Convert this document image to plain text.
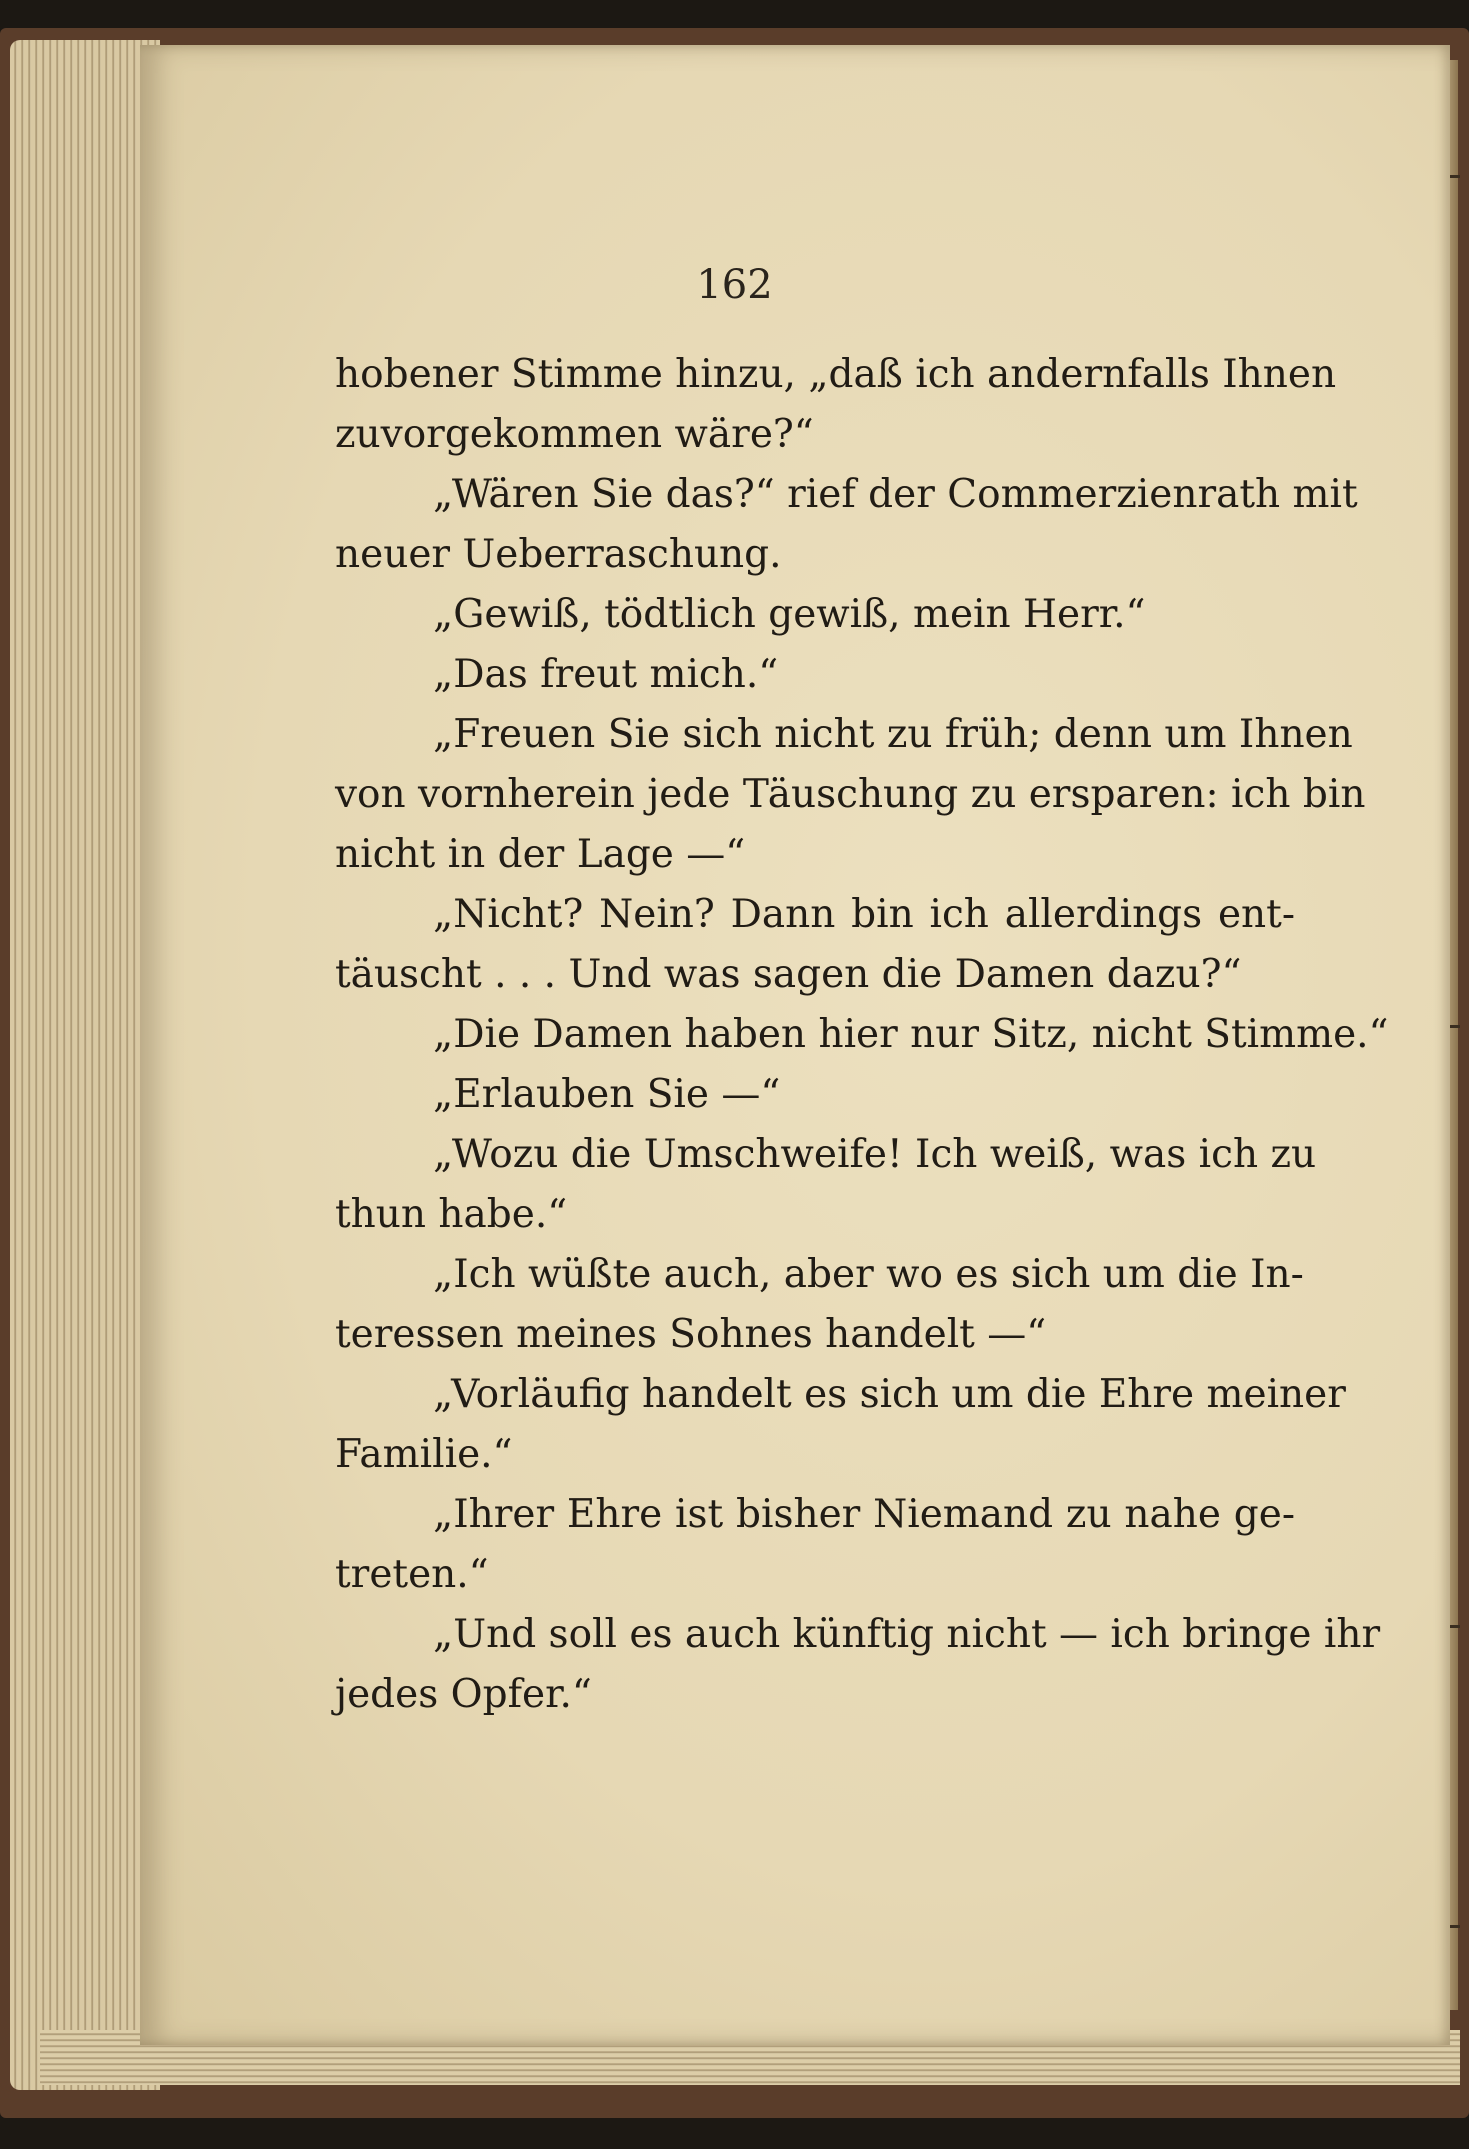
162
hobener Stimme hinzu, „daß ich andernfalls Ihnen
zuvorgekommen wäre?“
„Wären Sie das?“ rief der Commerzienrath mit
neuer Ueberraschung.
„Gewiß, tödtlich gewiß, mein Herr.“
„Das freut mich.“
„Freuen Sie sich nicht zu früh; denn um Ihnen
von vornherein jede Täuschung zu ersparen: ich bin
nicht in der Lage —“
„Nicht? Nein? Dann bin ich allerdings ent-
täuscht . . . Und was sagen die Damen dazu?“
„Die Damen haben hier nur Sitz, nicht Stimme.“
„Erlauben Sie —“
„Wozu die Umschweife! Ich weiß, was ich zu
thun habe.“
„Ich wüßte auch, aber wo es sich um die In-
teressen meines Sohnes handelt —“
„Vorläufig handelt es sich um die Ehre meiner
Familie.“
„Ihrer Ehre ist bisher Niemand zu nahe ge-
treten.“
„Und soll es auch künftig nicht — ich bringe ihr
jedes Opfer.“
